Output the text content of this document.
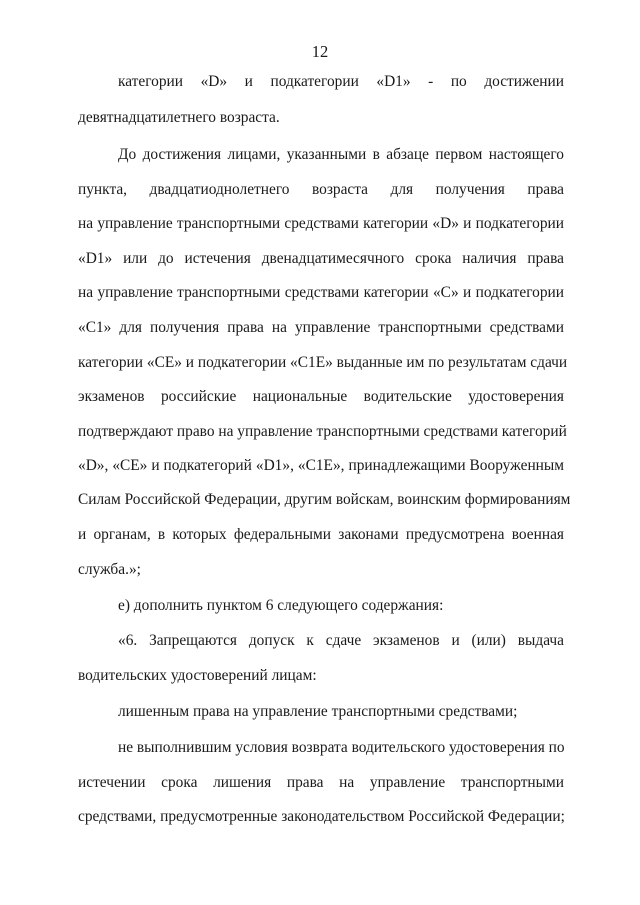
12
категории «D» и подкатегории «D1» - по достижении
девятнадцатилетнего возраста.
До достижения лицами, указанными в абзаце первом настоящего
пункта, двадцатиоднолетнего возраста для получения права
на управление транспортными средствами категории «D» и подкатегории
«D1» или до истечения двенадцатимесячного срока наличия права
на управление транспортными средствами категории «С» и подкатегории
«C1» для получения права на управление транспортными средствами
категории «СЕ» и подкатегории «C1E» выданные им по результатам сдачи
экзаменов российские национальные водительские удостоверения
подтверждают право на управление транспортными средствами категорий
«D», «СЕ» и подкатегорий «D1», «C1E», принадлежащими Вооруженным
Силам Российской Федерации, другим войскам, воинским формированиям
и органам, в которых федеральными законами предусмотрена военная
служба.»;
е) дополнить пунктом 6 следующего содержания:
«6. Запрещаются допуск к сдаче экзаменов и (или) выдача
водительских удостоверений лицам:
лишенным права на управление транспортными средствами;
не выполнившим условия возврата водительского удостоверения по
истечении срока лишения права на управление транспортными
средствами, предусмотренные законодательством Российской Федерации;
